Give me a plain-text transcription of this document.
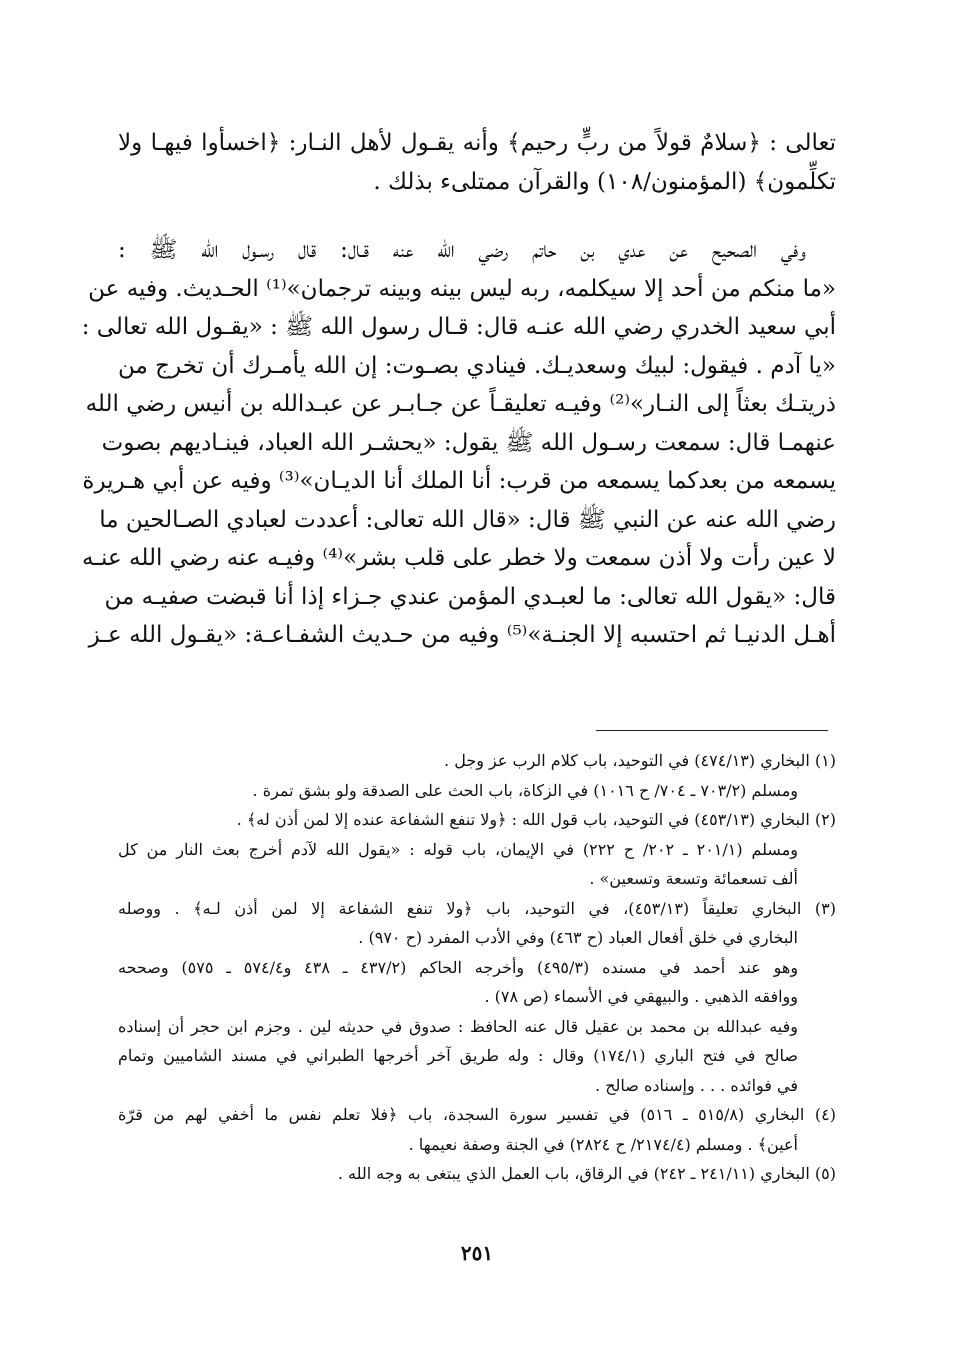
تعالى : ﴿سلامٌ قولاً من ربٍّ رحيم﴾ وأنه يقـول لأهل النـار: ﴿اخسأوا فيهـا ولا
تكلِّمون﴾ (المؤمنون/١٠٨) والقرآن ممتلىء بذلك .
وفي الصحيح عن عدي بن حاتم رضي الله عنه قـال: قال رسـول الله ﷺ :
«ما منكم من أحد إلا سيكلمه، ربه ليس بينه وبينه ترجمان»⁽¹⁾ الحـديث. وفيه عن
أبي سعيد الخدري رضي الله عنـه قال: قـال رسول الله ﷺ : «يقـول الله تعالى :
«يا آدم . فيقول: لبيك وسعديـك. فينادي بصـوت: إن الله يأمـرك أن تخرج من
ذريتـك بعثاً إلى النـار»⁽²⁾ وفيـه تعليقـاً عن جـابـر عن عبـدالله بن أنيس رضي الله
عنهمـا قال: سمعت رسـول الله ﷺ يقول: «يحشـر الله العباد، فينـاديهم بصوت
يسمعه من بعدكما يسمعه من قرب: أنا الملك أنا الديـان»⁽³⁾ وفيه عن أبي هـريرة
رضي الله عنه عن النبي ﷺ قال: «قال الله تعالى: أعددت لعبادي الصـالحين ما
لا عين رأت ولا أذن سمعت ولا خطر على قلب بشر»⁽⁴⁾ وفيـه عنه رضي الله عنـه
قال: «يقول الله تعالى: ما لعبـدي المؤمن عندي جـزاء إذا أنا قبضت صفيـه من
أهـل الدنيـا ثم احتسبه إلا الجنـة»⁽⁵⁾ وفيه من حـديث الشفـاعـة: «يقـول الله عـز
(١) البخاري (٤٧٤/١٣) في التوحيد، باب كلام الرب عز وجل .
ومسلم (٧٠٣/٢ ـ ٧٠٤/ ح ١٠١٦) في الزكاة، باب الحث على الصدقة ولو بشق تمرة .
(٢) البخاري (٤٥٣/١٣) في التوحيد، باب قول الله : ﴿ولا تنفع الشفاعة عنده إلا لمن أذن له﴾ .
ومسلم (٢٠١/١ ـ ٢٠٢/ ح ٢٢٢) في الإيمان، باب قوله : «يقول الله لآدم أخرج بعث النار من كل
ألف تسعمائة وتسعة وتسعين» .
(٣) البخاري تعليقاً (٤٥٣/١٣)، في التوحيد، باب ﴿ولا تنفع الشفاعة إلا لمن أذن لـه﴾ . ووصله
البخاري في خلق أفعال العباد (ح ٤٦٣) وفي الأدب المفرد (ح ٩٧٠) .
وهو عند أحمد في مسنده (٤٩٥/٣) وأخرجه الحاكم (٤٣٧/٢ ـ ٤٣٨ و٥٧٤/٤ ـ ٥٧٥) وصححه
ووافقه الذهبي . والبيهقي في الأسماء (ص ٧٨) .
وفيه عبدالله بن محمد بن عقيل قال عنه الحافظ : صدوق في حديثه لين . وجزم ابن حجر أن إسناده
صالح في فتح الباري (١٧٤/١) وقال : وله طريق آخر أخرجها الطبراني في مسند الشاميين وتمام
في فوائده . . . وإسناده صالح .
(٤) البخاري (٥١٥/٨ ـ ٥١٦) في تفسير سورة السجدة، باب ﴿فلا تعلم نفس ما أخفي لهم من قرّة
أعين﴾ . ومسلم (٢١٧٤/٤/ ح ٢٨٢٤) في الجنة وصفة نعيمها .
(٥) البخاري (٢٤١/١١ ـ ٢٤٢) في الرقاق، باب العمل الذي يبتغى به وجه الله .
٢٥١
